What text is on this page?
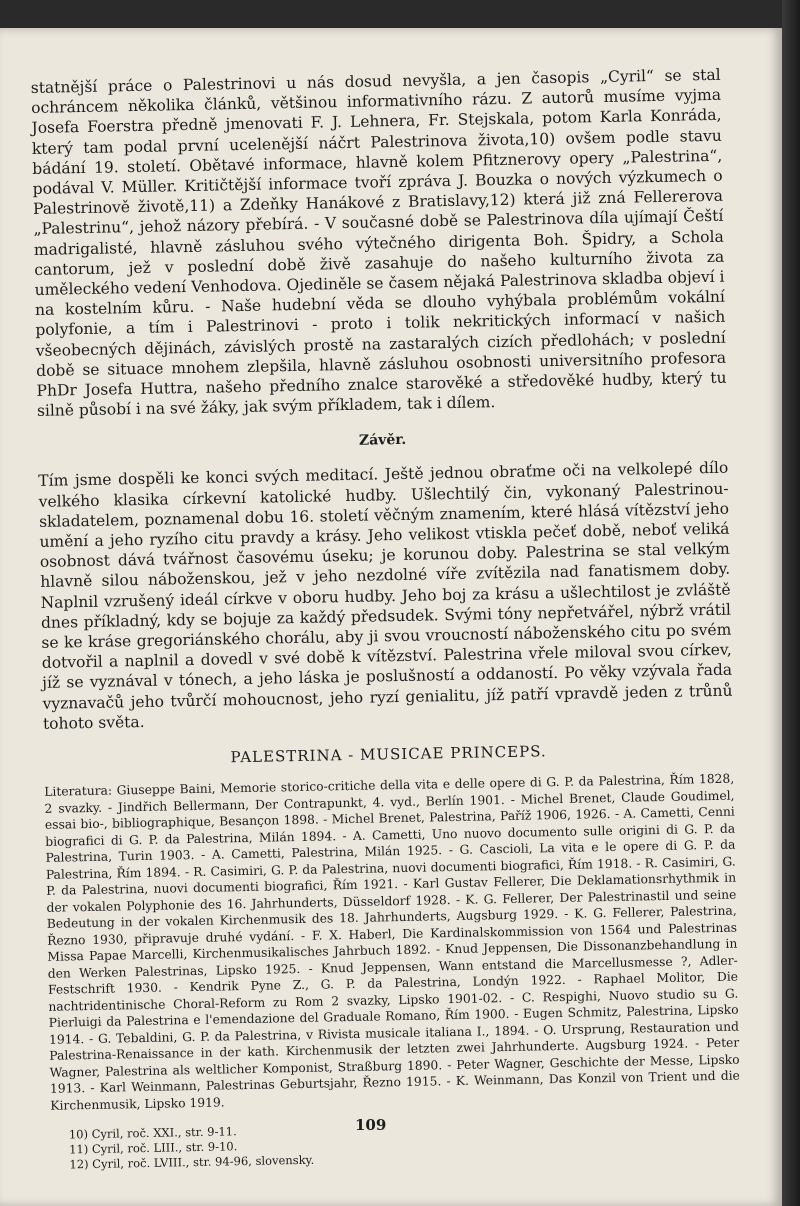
statnější práce o Palestrinovi u nás dosud nevyšla, a jen časopis „Cyril“ se stal ochráncem několika článků, většinou informativního rázu. Z autorů musíme vyjma Josefa Foerstra předně jmenovati F. J. Lehnera, Fr. Stejskala, potom Karla Konráda, který tam podal první ucelenější náčrt Palestrinova života,10) ovšem podle stavu bádání 19. století. Obětavé informace, hlavně kolem Pfitznerovy opery „Palestrina“, podával V. Müller. Kritičtější informace tvoří zpráva J. Bouzka o nových výzkumech o Palestrinově životě,11) a Zdeňky Hanákové z Bratislavy,12) která již zná Fellererova „Palestrinu“, jehož názory přebírá. - V současné době se Palestrinova díla ujímají Čeští madrigalisté, hlavně zásluhou svého výtečného dirigenta Boh. Špidry, a Schola cantorum, jež v poslední době živě zasahuje do našeho kulturního života za uměleckého vedení Venhodova. Ojediněle se časem nějaká Palestrinova skladba objeví i na kostelním kůru. - Naše hudební věda se dlouho vyhýbala problémům vokální polyfonie, a tím i Palestrinovi - proto i tolik nekritických informací v našich všeobecných dějinách, závislých prostě na zastaralých cizích předlohách; v poslední době se situace mnohem zlepšila, hlavně zásluhou osobnosti universitního profesora PhDr Josefa Huttra, našeho předního znalce starověké a středověké hudby, který tu silně působí i na své žáky, jak svým příkladem, tak i dílem.

Závěr.

Tím jsme dospěli ke konci svých meditací. Ještě jednou obraťme oči na velkolepé dílo velkého klasika církevní katolické hudby. Ušlechtilý čin, vykonaný Palestrinou-skladatelem, poznamenal dobu 16. století věčným znamením, které hlásá vítězství jeho umění a jeho ryzího citu pravdy a krásy. Jeho velikost vtiskla pečeť době, neboť veliká osobnost dává tvářnost časovému úseku; je korunou doby. Palestrina se stal velkým hlavně silou náboženskou, jež v jeho nezdolné víře zvítězila nad fanatismem doby. Naplnil vzrušený ideál církve v oboru hudby. Jeho boj za krásu a ušlechtilost je zvláště dnes příkladný, kdy se bojuje za každý předsudek. Svými tóny nepřetvářel, nýbrž vrátil se ke kráse gregoriánského chorálu, aby ji svou vroucností náboženského citu po svém dotvořil a naplnil a dovedl v své době k vítězství. Palestrina vřele miloval svou církev, jíž se vyznával v tónech, a jeho láska je poslušností a oddaností. Po věky vzývala řada vyznavačů jeho tvůrčí mohoucnost, jeho ryzí genialitu, jíž patří vpravdě jeden z trůnů tohoto světa.

PALESTRINA - MUSICAE PRINCEPS.

Literatura: Giuseppe Baini, Memorie storico-critiche della vita e delle opere di G. P. da Palestrina, Řím 1828, 2 svazky. - Jindřich Bellermann, Der Contrapunkt, 4. vyd., Berlín 1901. - Michel Brenet, Claude Goudimel, essai bio-, bibliographique, Besançon 1898. - Michel Brenet, Palestrina, Paříž 1906, 1926. - A. Cametti, Cenni biografici di G. P. da Palestrina, Milán 1894. - A. Cametti, Uno nuovo documento sulle origini di G. P. da Palestrina, Turin 1903. - A. Cametti, Palestrina, Milán 1925. - G. Cascioli, La vita e le opere di G. P. da Palestrina, Řím 1894. - R. Casimiri, G. P. da Palestrina, nuovi documenti biografici, Řím 1918. - R. Casimiri, G. P. da Palestrina, nuovi documenti biografici, Řím 1921. - Karl Gustav Fellerer, Die Deklamationsrhythmik in der vokalen Polyphonie des 16. Jahrhunderts, Düsseldorf 1928. - K. G. Fellerer, Der Palestrinastil und seine Bedeutung in der vokalen Kirchenmusik des 18. Jahrhunderts, Augsburg 1929. - K. G. Fellerer, Palestrina, Řezno 1930, připravuje druhé vydání. - F. X. Haberl, Die Kardinalskommission von 1564 und Palestrinas Missa Papae Marcelli, Kirchenmusikalisches Jahrbuch 1892. - Knud Jeppensen, Die Dissonanzbehandlung in den Werken Palestrinas, Lipsko 1925. - Knud Jeppensen, Wann entstand die Marcellusmesse ?, Adler-Festschrift 1930. - Kendrik Pyne Z., G. P. da Palestrina, Londýn 1922. - Raphael Molitor, Die nachtridentinische Choral-Reform zu Rom 2 svazky, Lipsko 1901-02. - C. Respighi, Nuovo studio su G. Pierluigi da Palestrina e l'emendazione del Graduale Romano, Řím 1900. - Eugen Schmitz, Palestrina, Lipsko 1914. - G. Tebaldini, G. P. da Palestrina, v Rivista musicale italiana I., 1894. - O. Ursprung, Restauration und Palestrina-Renaissance in der kath. Kirchenmusik der letzten zwei Jahrhunderte. Augsburg 1924. - Peter Wagner, Palestrina als weltlicher Komponist, Straßburg 1890. - Peter Wagner, Geschichte der Messe, Lipsko 1913. - Karl Weinmann, Palestrinas Geburtsjahr, Řezno 1915. - K. Weinmann, Das Konzil von Trient und die Kirchenmusik, Lipsko 1919.

10) Cyril, roč. XXI., str. 9-11.
11) Cyril, roč. LIII., str. 9-10.
12) Cyril, roč. LVIII., str. 94-96, slovensky.
109
